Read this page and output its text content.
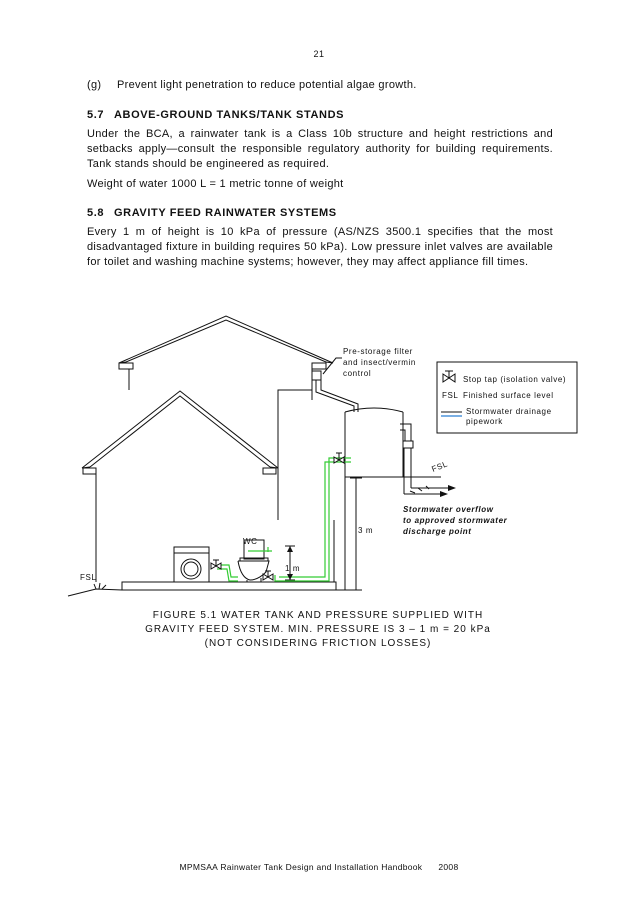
21
(g) Prevent light penetration to reduce potential algae growth.
5.7 ABOVE-GROUND TANKS/TANK STANDS
Under the BCA, a rainwater tank is a Class 10b structure and height restrictions and setbacks apply—consult the responsible regulatory authority for building requirements. Tank stands should be engineered as required.
Weight of water 1000 L = 1 metric tonne of weight
5.8 GRAVITY FEED RAINWATER SYSTEMS
Every 1 m of height is 10 kPa of pressure (AS/NZS 3500.1 specifies that the most disadvantaged fixture in building requires 50 kPa). Low pressure inlet valves are available for toilet and washing machine systems; however, they may affect appliance fill times.
Pre-storage filter
and insect/vermin
control
WC
1 m
3 m
FSL
FSL
Stormwater overflow
to approved stormwater
discharge point
Stop tap (isolation valve)
FSL Finished surface level
Stormwater drainage
pipework
FIGURE 5.1 WATER TANK AND PRESSURE SUPPLIED WITH
GRAVITY FEED SYSTEM. MIN. PRESSURE IS 3 – 1 m = 20 kPa
(NOT CONSIDERING FRICTION LOSSES)
MPMSAA Rainwater Tank Design and Installation Handbook 2008
